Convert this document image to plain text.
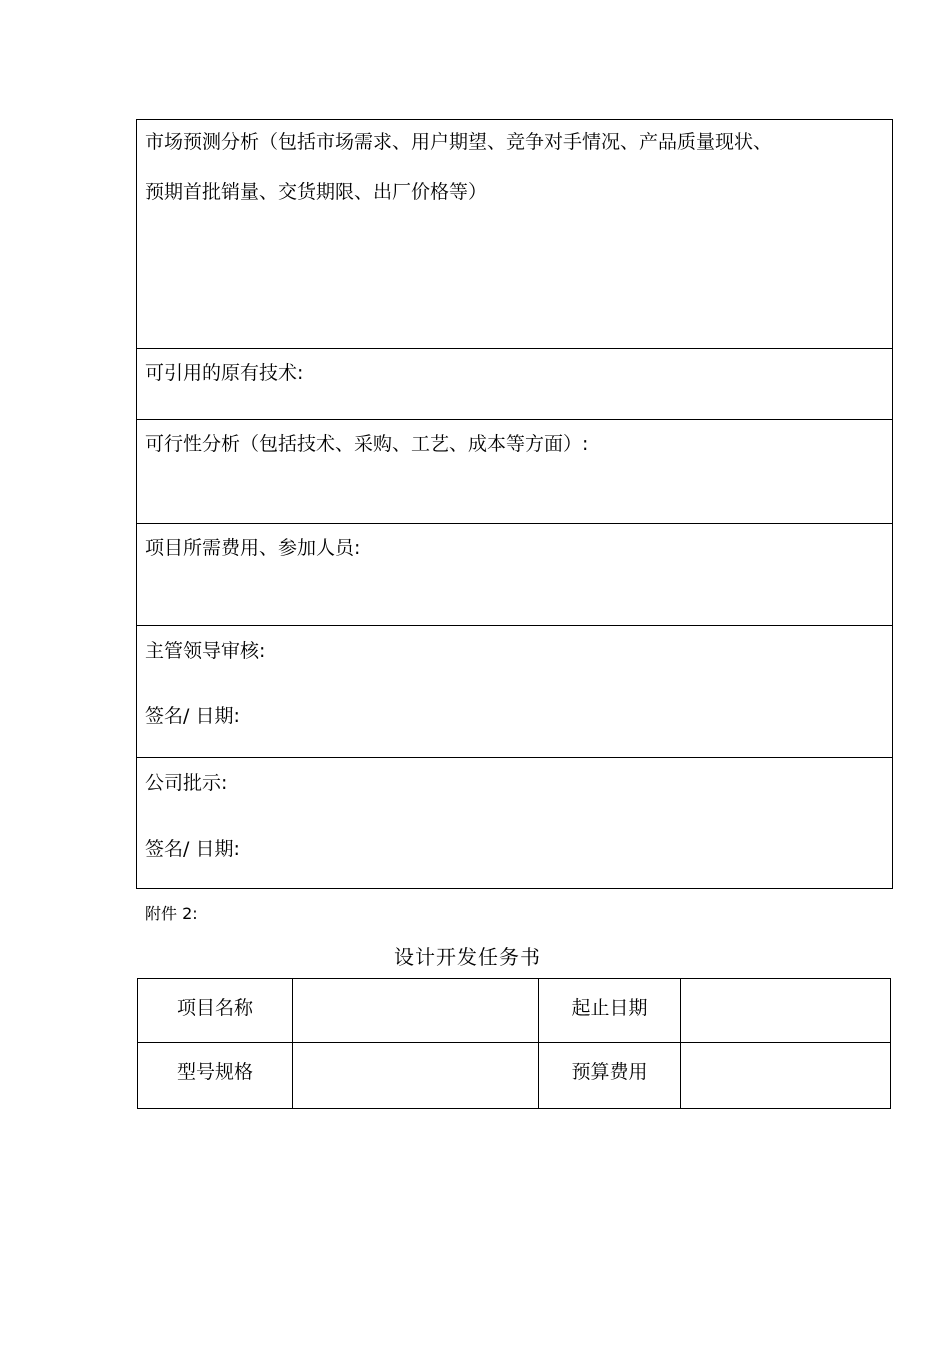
市场预测分析（包括市场需求、用户期望、竞争对手情况、产品质量现状、
预期首批销量、交货期限、出厂价格等）

可引用的原有技术:

可行性分析（包括技术、采购、工艺、成本等方面）:

项目所需费用、参加人员:

主管领导审核:
签名/ 日期:

公司批示:
签名/ 日期:
附件 2:
设计开发任务书
项目名称		起止日期	
型号规格		预算费用	
